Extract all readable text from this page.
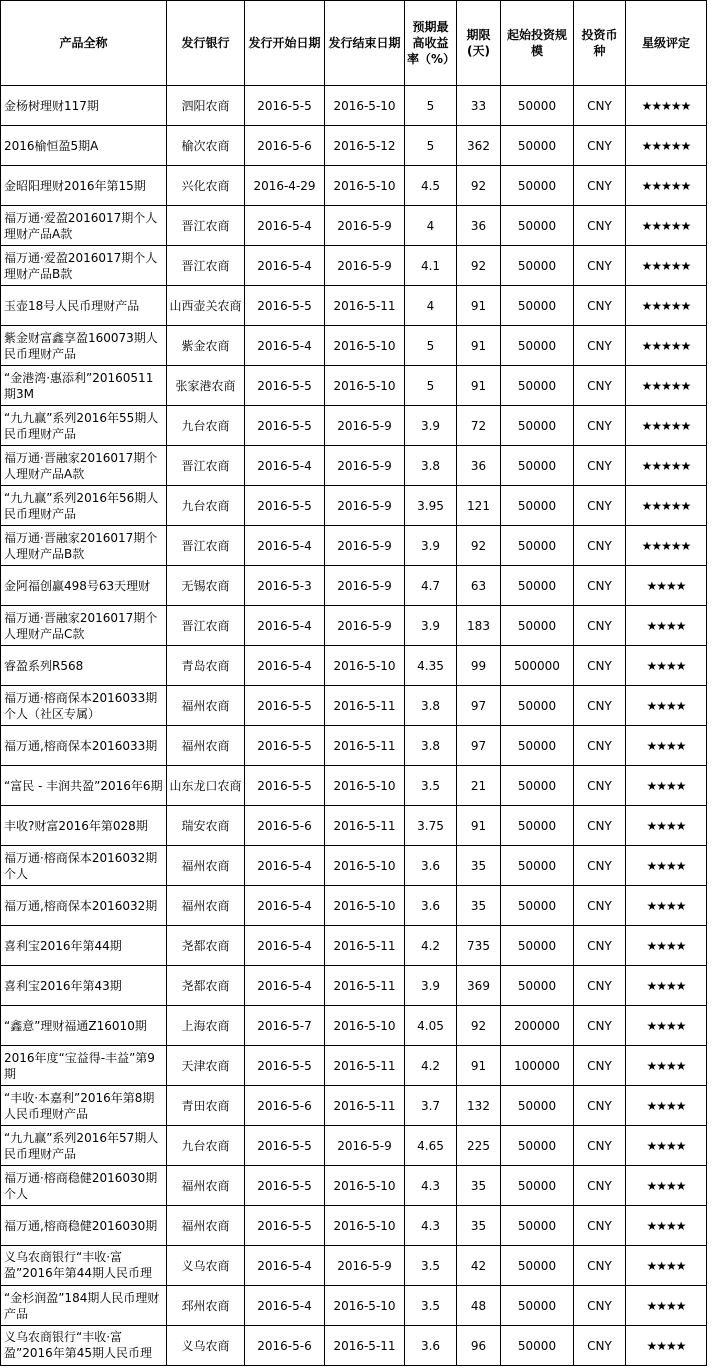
产品全称	发行银行	发行开始日期	发行结束日期	预期最高收益率（%）	期限(天)	起始投资规模	投资币种	星级评定

金杨树理财117期	泗阳农商	2016-5-5	2016-5-10	5	33	50000	CNY	★★★★★

2016榆恒盈5期A	榆次农商	2016-5-6	2016-5-12	5	362	50000	CNY	★★★★★

金昭阳理财2016年第15期	兴化农商	2016-4-29	2016-5-10	4.5	92	50000	CNY	★★★★★

福万通·爱盈2016017期个人理财产品A款	晋江农商	2016-5-4	2016-5-9	4	36	50000	CNY	★★★★★

福万通·爱盈2016017期个人理财产品B款	晋江农商	2016-5-4	2016-5-9	4.1	92	50000	CNY	★★★★★

玉壶18号人民币理财产品	山西壶关农商	2016-5-5	2016-5-11	4	91	50000	CNY	★★★★★

紫金财富鑫享盈160073期人民币理财产品	紫金农商	2016-5-4	2016-5-10	5	91	50000	CNY	★★★★★

“金港湾·惠添利”20160511期3M	张家港农商	2016-5-5	2016-5-10	5	91	50000	CNY	★★★★★

“九九赢”系列2016年55期人民币理财产品	九台农商	2016-5-5	2016-5-9	3.9	72	50000	CNY	★★★★★

福万通·晋融家2016017期个人理财产品A款	晋江农商	2016-5-4	2016-5-9	3.8	36	50000	CNY	★★★★★

“九九赢”系列2016年56期人民币理财产品	九台农商	2016-5-5	2016-5-9	3.95	121	50000	CNY	★★★★★

福万通·晋融家2016017期个人理财产品B款	晋江农商	2016-5-4	2016-5-9	3.9	92	50000	CNY	★★★★★

金阿福创赢498号63天理财	无锡农商	2016-5-3	2016-5-9	4.7	63	50000	CNY	★★★★

福万通·晋融家2016017期个人理财产品C款	晋江农商	2016-5-4	2016-5-9	3.9	183	50000	CNY	★★★★

睿盈系列R568	青岛农商	2016-5-4	2016-5-10	4.35	99	500000	CNY	★★★★

福万通·榕商保本2016033期个人（社区专属）	福州农商	2016-5-5	2016-5-11	3.8	97	50000	CNY	★★★★

福万通,榕商保本2016033期	福州农商	2016-5-5	2016-5-11	3.8	97	50000	CNY	★★★★

“富民 - 丰润共盈”2016年6期	山东龙口农商	2016-5-5	2016-5-10	3.5	21	50000	CNY	★★★★

丰收?财富2016年第028期	瑞安农商	2016-5-6	2016-5-11	3.75	91	50000	CNY	★★★★

福万通·榕商保本2016032期个人	福州农商	2016-5-4	2016-5-10	3.6	35	50000	CNY	★★★★

福万通,榕商保本2016032期	福州农商	2016-5-4	2016-5-10	3.6	35	50000	CNY	★★★★

喜利宝2016年第44期	尧都农商	2016-5-4	2016-5-11	4.2	735	50000	CNY	★★★★

喜利宝2016年第43期	尧都农商	2016-5-4	2016-5-11	3.9	369	50000	CNY	★★★★

“鑫意”理财福通Z16010期	上海农商	2016-5-7	2016-5-10	4.05	92	200000	CNY	★★★★

2016年度“宝益得-丰益”第9期	天津农商	2016-5-5	2016-5-11	4.2	91	100000	CNY	★★★★

“丰收·本嘉利”2016年第8期人民币理财产品	青田农商	2016-5-6	2016-5-11	3.7	132	50000	CNY	★★★★

“九九赢”系列2016年57期人民币理财产品	九台农商	2016-5-5	2016-5-9	4.65	225	50000	CNY	★★★★

福万通·榕商稳健2016030期个人	福州农商	2016-5-5	2016-5-10	4.3	35	50000	CNY	★★★★

福万通,榕商稳健2016030期	福州农商	2016-5-5	2016-5-10	4.3	35	50000	CNY	★★★★

义乌农商银行“丰收·富盈”2016年第44期人民币理	义乌农商	2016-5-4	2016-5-9	3.5	42	50000	CNY	★★★★

“金杉润盈”184期人民币理财产品	邳州农商	2016-5-4	2016-5-10	3.5	48	50000	CNY	★★★★

义乌农商银行“丰收·富盈”2016年第45期人民币理	义乌农商	2016-5-6	2016-5-11	3.6	96	50000	CNY	★★★★
